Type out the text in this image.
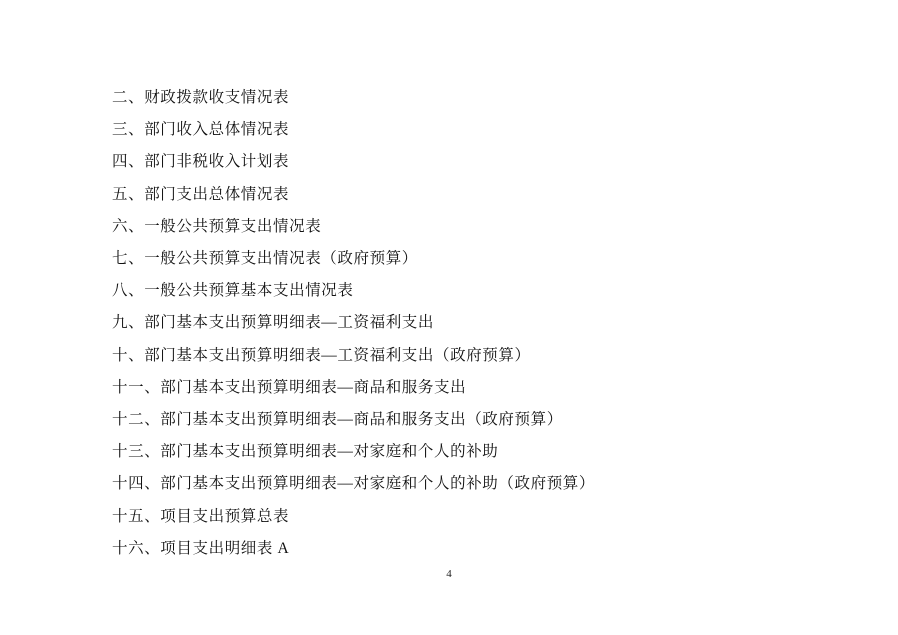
二、财政拨款收支情况表
三、部门收入总体情况表
四、部门非税收入计划表
五、部门支出总体情况表
六、一般公共预算支出情况表
七、一般公共预算支出情况表（政府预算）
八、一般公共预算基本支出情况表
九、部门基本支出预算明细表—工资福利支出
十、部门基本支出预算明细表—工资福利支出（政府预算）
十一、部门基本支出预算明细表—商品和服务支出
十二、部门基本支出预算明细表—商品和服务支出（政府预算）
十三、部门基本支出预算明细表—对家庭和个人的补助
十四、部门基本支出预算明细表—对家庭和个人的补助（政府预算）
十五、项目支出预算总表
十六、项目支出明细表 A
4
